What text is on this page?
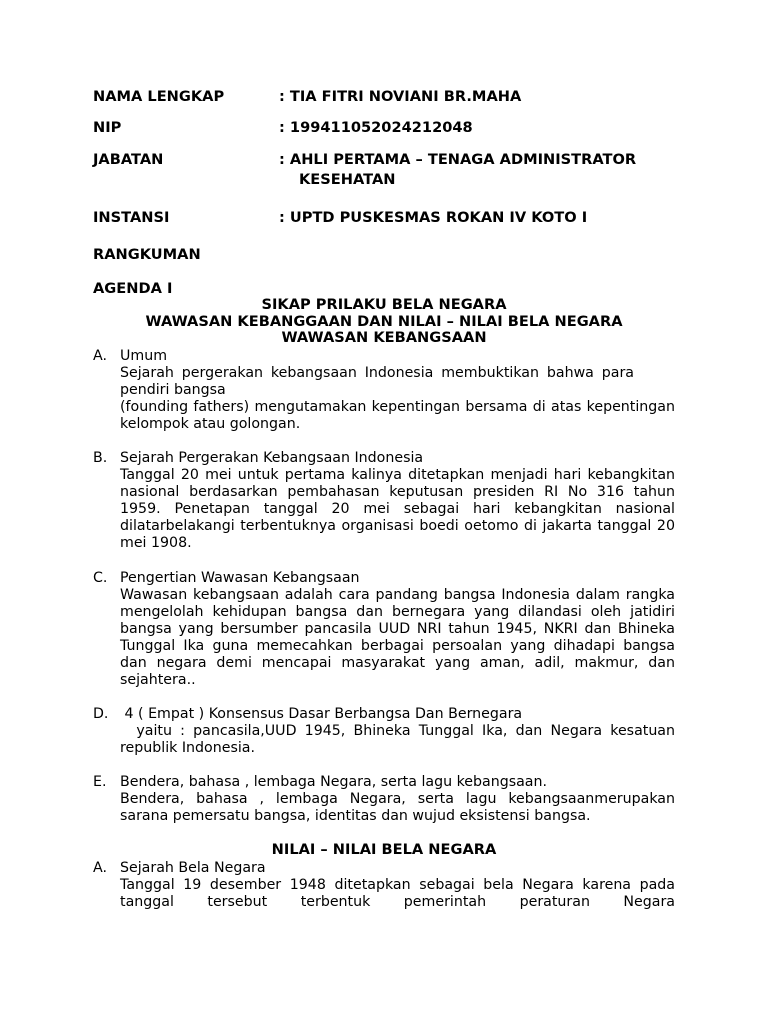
NAMA LENGKAP	: TIA FITRI NOVIANI BR.MAHA
NIP	: 199411052024212048
JABATAN	: AHLI PERTAMA – TENAGA ADMINISTRATOR
KESEHATAN
INSTANSI	: UPTD PUSKESMAS ROKAN IV KOTO I
RANGKUMAN
AGENDA I
SIKAP PRILAKU BELA NEGARA
WAWASAN KEBANGGAAN DAN NILAI – NILAI BELA NEGARA
WAWASAN KEBANGSAAN
A. Umum
Sejarah pergerakan kebangsaan Indonesia membuktikan bahwa para pendiri bangsa
(founding fathers) mengutamakan kepentingan bersama di atas kepentingan kelompok atau golongan.
B. Sejarah Pergerakan Kebangsaan Indonesia
Tanggal 20 mei untuk pertama kalinya ditetapkan menjadi hari kebangkitan nasional berdasarkan pembahasan keputusan presiden RI No 316 tahun 1959. Penetapan tanggal 20 mei sebagai hari kebangkitan nasional dilatarbelakangi terbentuknya organisasi boedi oetomo di jakarta tanggal 20 mei 1908.
C. Pengertian Wawasan Kebangsaan
Wawasan kebangsaan adalah cara pandang bangsa Indonesia dalam rangka mengelolah kehidupan bangsa dan bernegara yang dilandasi oleh jatidiri bangsa yang bersumber pancasila UUD NRI tahun 1945, NKRI dan Bhineka Tunggal Ika guna memecahkan berbagai persoalan yang dihadapi bangsa dan negara demi mencapai masyarakat yang aman, adil, makmur, dan sejahtera..
D. 4 ( Empat ) Konsensus Dasar Berbangsa Dan Bernegara
yaitu : pancasila,UUD 1945, Bhineka Tunggal Ika, dan Negara kesatuan republik Indonesia.
E. Bendera, bahasa , lembaga Negara, serta lagu kebangsaan.
Bendera, bahasa , lembaga Negara, serta lagu kebangsaanmerupakan sarana pemersatu bangsa, identitas dan wujud eksistensi bangsa.
NILAI – NILAI BELA NEGARA
A. Sejarah Bela Negara
Tanggal 19 desember 1948 ditetapkan sebagai bela Negara karena pada tanggal tersebut terbentuk pemerintah peraturan Negara
